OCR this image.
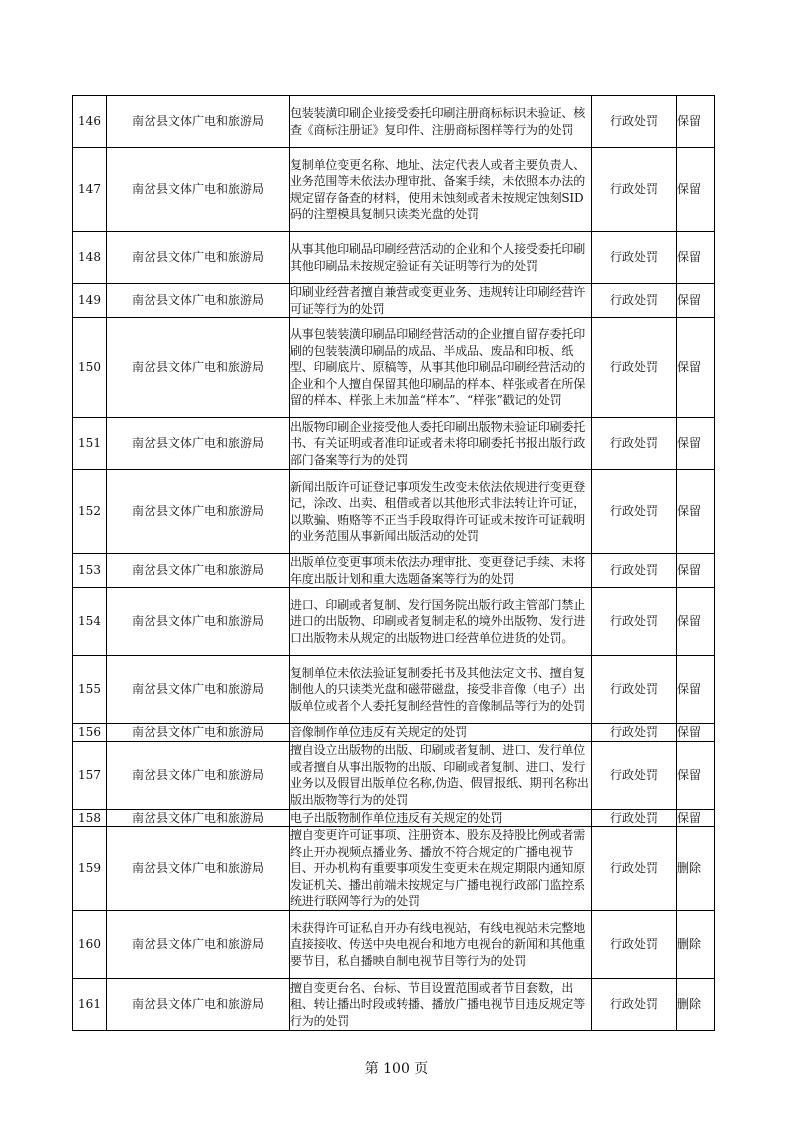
146	南岔县文体广电和旅游局	包装装潢印刷企业接受委托印刷注册商标标识未验证、核查《商标注册证》复印件、注册商标图样等行为的处罚	行政处罚	保留
147	南岔县文体广电和旅游局	复制单位变更名称、地址、法定代表人或者主要负责人、业务范围等未依法办理审批、备案手续，未依照本办法的规定留存备查的材料，使用未蚀刻或者未按规定蚀刻SID码的注塑模具复制只读类光盘的处罚	行政处罚	保留
148	南岔县文体广电和旅游局	从事其他印刷品印刷经营活动的企业和个人接受委托印刷其他印刷品未按规定验证有关证明等行为的处罚	行政处罚	保留
149	南岔县文体广电和旅游局	印刷业经营者擅自兼营或变更业务、违规转让印刷经营许可证等行为的处罚	行政处罚	保留
150	南岔县文体广电和旅游局	从事包装装潢印刷品印刷经营活动的企业擅自留存委托印刷的包装装潢印刷品的成品、半成品、废品和印板、纸型、印刷底片、原稿等，从事其他印刷品印刷经营活动的企业和个人擅自保留其他印刷品的样本、样张或者在所保留的样本、样张上未加盖“样本”、“样张”戳记的处罚	行政处罚	保留
151	南岔县文体广电和旅游局	出版物印刷企业接受他人委托印刷出版物未验证印刷委托书、有关证明或者准印证或者未将印刷委托书报出版行政部门备案等行为的处罚	行政处罚	保留
152	南岔县文体广电和旅游局	新闻出版许可证登记事项发生改变未依法依规进行变更登记，涂改、出卖、租借或者以其他形式非法转让许可证，以欺骗、贿赂等不正当手段取得许可证或未按许可证载明的业务范围从事新闻出版活动的处罚	行政处罚	保留
153	南岔县文体广电和旅游局	出版单位变更事项未依法办理审批、变更登记手续、未将年度出版计划和重大选题备案等行为的处罚	行政处罚	保留
154	南岔县文体广电和旅游局	进口、印刷或者复制、发行国务院出版行政主管部门禁止进口的出版物、印刷或者复制走私的境外出版物、发行进口出版物未从规定的出版物进口经营单位进货的处罚。	行政处罚	保留
155	南岔县文体广电和旅游局	复制单位未依法验证复制委托书及其他法定文书、擅自复制他人的只读类光盘和磁带磁盘，接受非音像（电子）出版单位或者个人委托复制经营性的音像制品等行为的处罚	行政处罚	保留
156	南岔县文体广电和旅游局	音像制作单位违反有关规定的处罚	行政处罚	保留
157	南岔县文体广电和旅游局	擅自设立出版物的出版、印刷或者复制、进口、发行单位或者擅自从事出版物的出版、印刷或者复制、进口、发行业务以及假冒出版单位名称,伪造、假冒报纸、期刊名称出版出版物等行为的处罚	行政处罚	保留
158	南岔县文体广电和旅游局	电子出版物制作单位违反有关规定的处罚	行政处罚	保留
159	南岔县文体广电和旅游局	擅自变更许可证事项、注册资本、股东及持股比例或者需终止开办视频点播业务、播放不符合规定的广播电视节目、开办机构有重要事项发生变更未在规定期限内通知原发证机关、播出前端未按规定与广播电视行政部门监控系统进行联网等行为的处罚	行政处罚	删除
160	南岔县文体广电和旅游局	未获得许可证私自开办有线电视站，有线电视站未完整地直接接收、传送中央电视台和地方电视台的新闻和其他重要节目，私自播映自制电视节目等行为的处罚	行政处罚	删除
161	南岔县文体广电和旅游局	擅自变更台名、台标、节目设置范围或者节目套数，出租、转让播出时段或转播、播放广播电视节目违反规定等行为的处罚	行政处罚	删除
第 100 页
